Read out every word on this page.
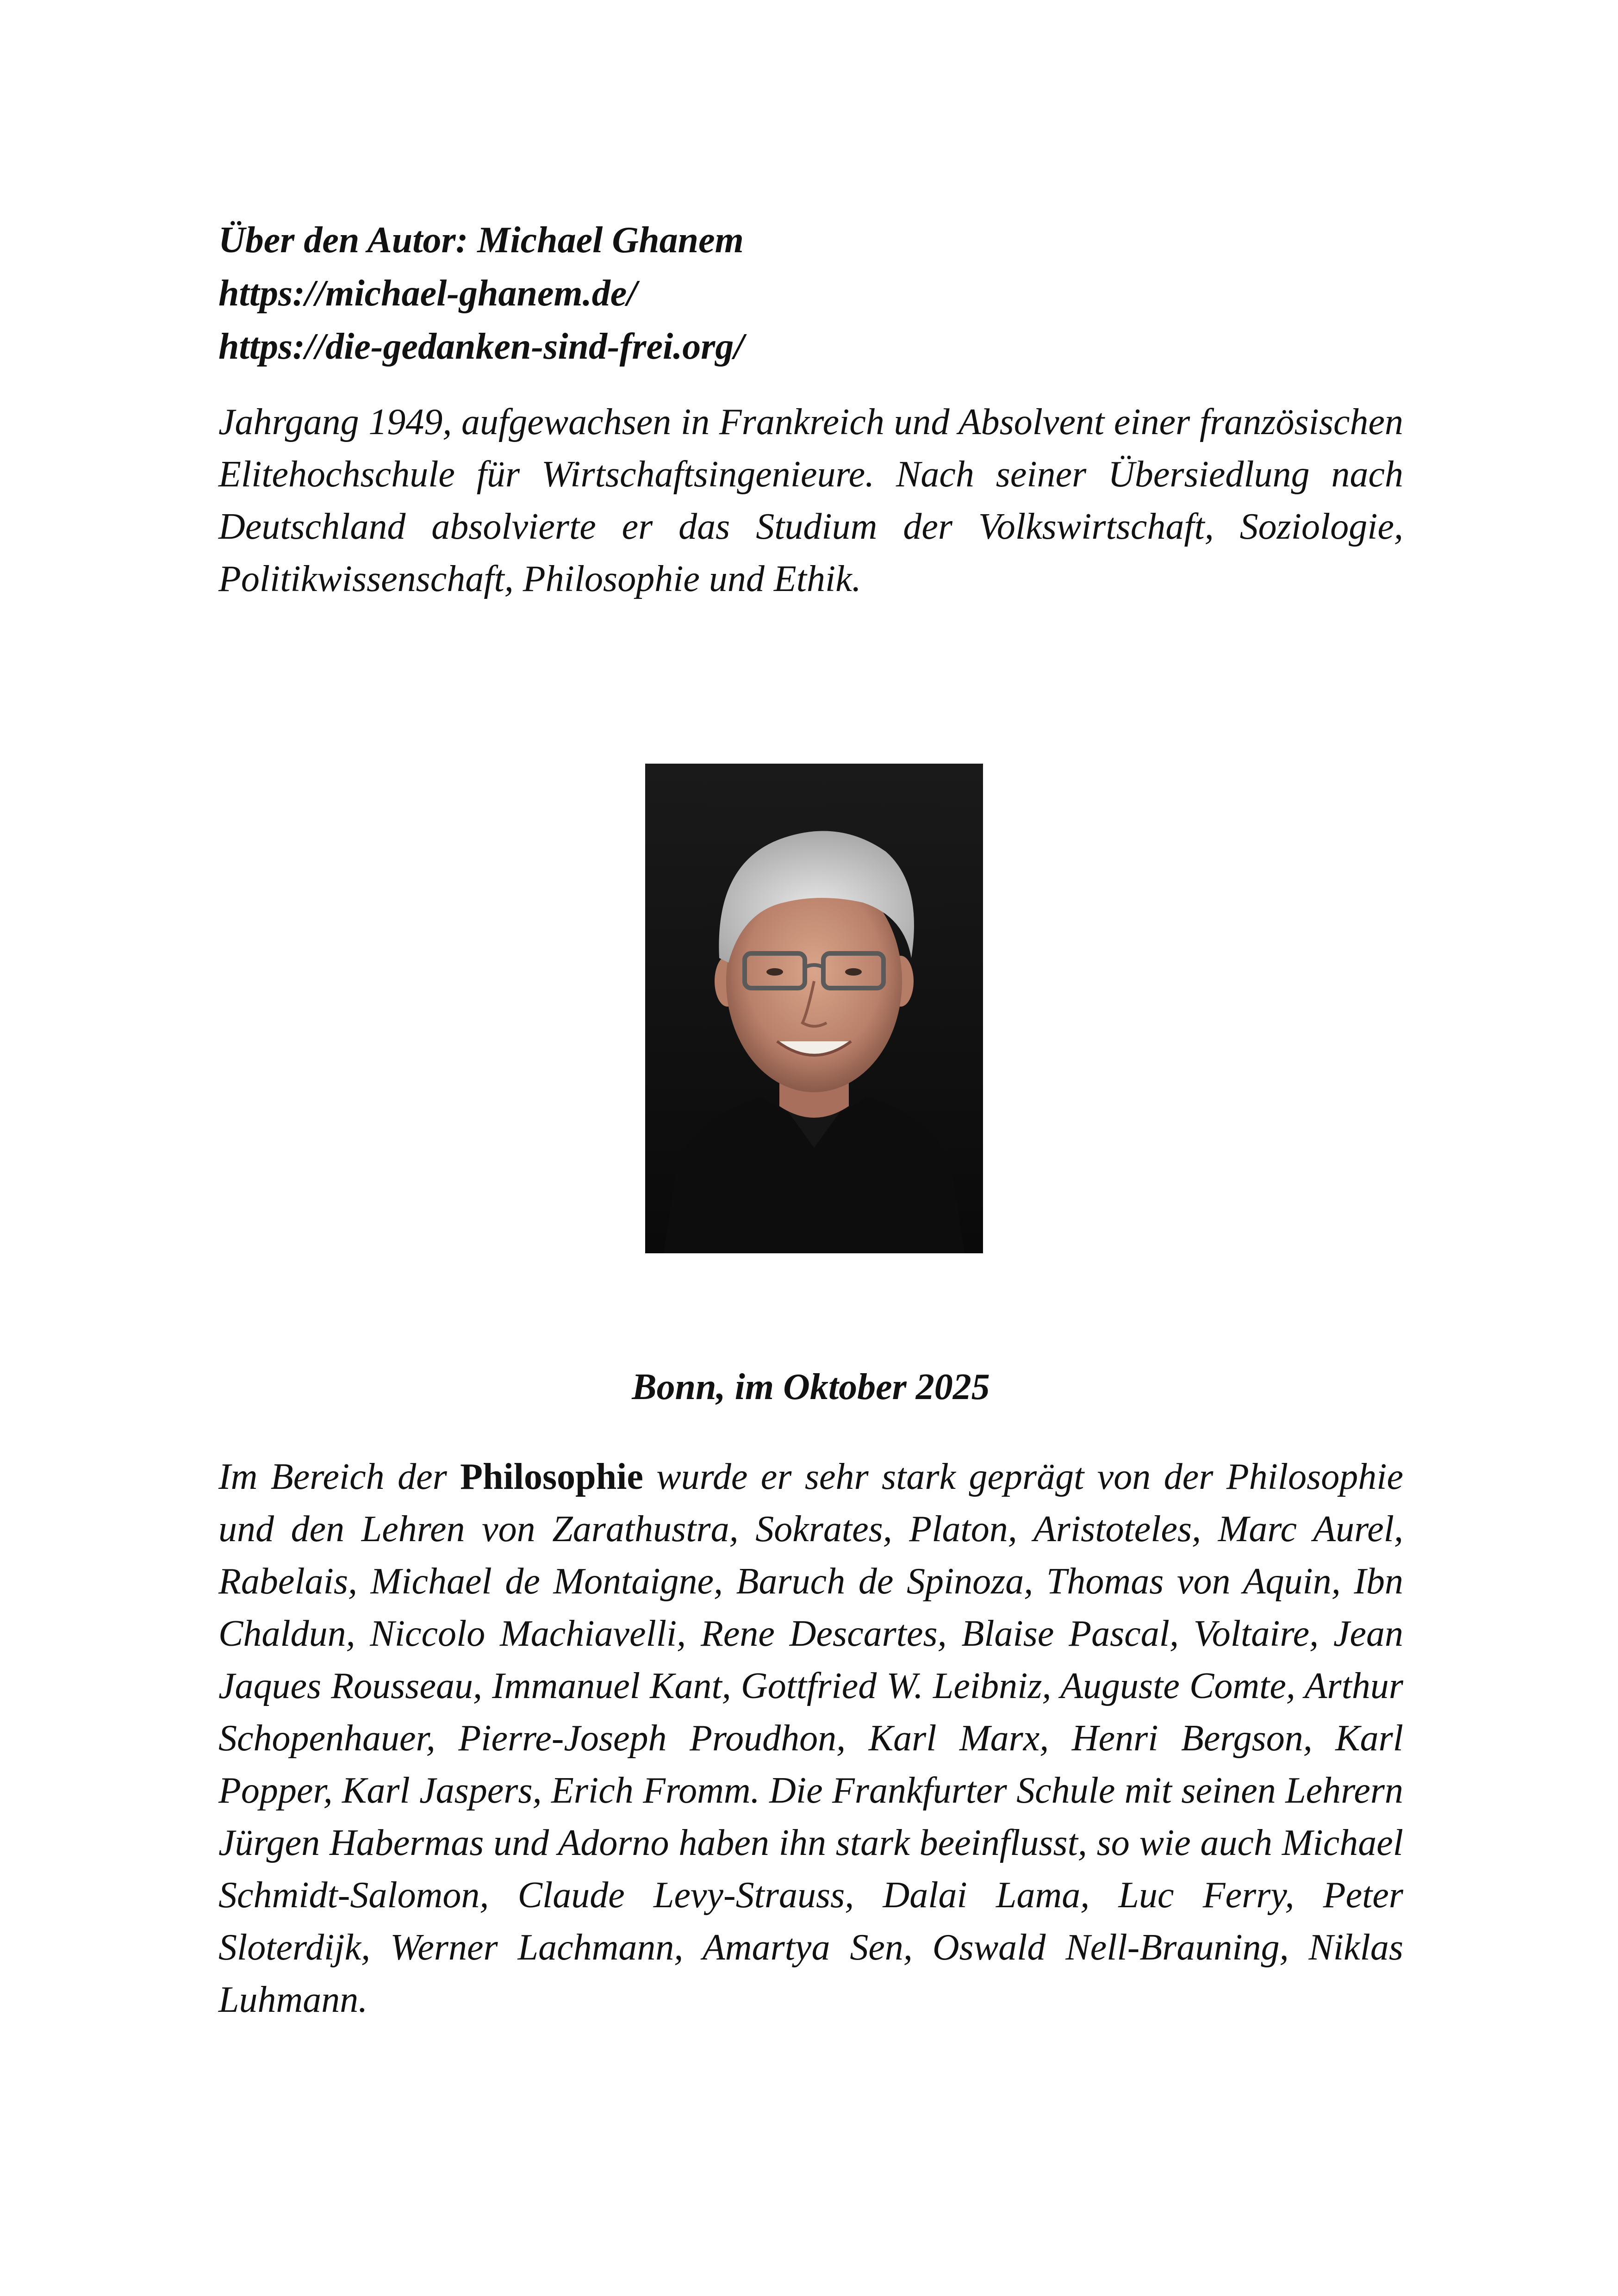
Über den Autor: Michael Ghanem
https://michael-ghanem.de/
https://die-gedanken-sind-frei.org/

Jahrgang 1949, aufgewachsen in Frankreich und Absolvent einer französischen Elitehochschule für Wirtschaftsingenieure. Nach seiner Übersiedlung nach Deutschland absolvierte er das Studium der Volkswirtschaft, Soziologie, Politikwissenschaft, Philosophie und Ethik.

Bonn, im Oktober 2025

Im Bereich der Philosophie wurde er sehr stark geprägt von der Philosophie und den Lehren von Zarathustra, Sokrates, Platon, Aristoteles, Marc Aurel, Rabelais, Michael de Montaigne, Baruch de Spinoza, Thomas von Aquin, Ibn Chaldun, Niccolo Machiavelli, Rene Descartes, Blaise Pascal, Voltaire, Jean Jaques Rousseau, Immanuel Kant, Gottfried W. Leibniz, Auguste Comte, Arthur Schopenhauer, Pierre-Joseph Proudhon, Karl Marx, Henri Bergson, Karl Popper, Karl Jaspers, Erich Fromm. Die Frankfurter Schule mit seinen Lehrern Jürgen Habermas und Adorno haben ihn stark beeinflusst, so wie auch Michael Schmidt-Salomon, Claude Levy-Strauss, Dalai Lama, Luc Ferry, Peter Sloterdijk, Werner Lachmann, Amartya Sen, Oswald Nell-Brauning, Niklas Luhmann.
